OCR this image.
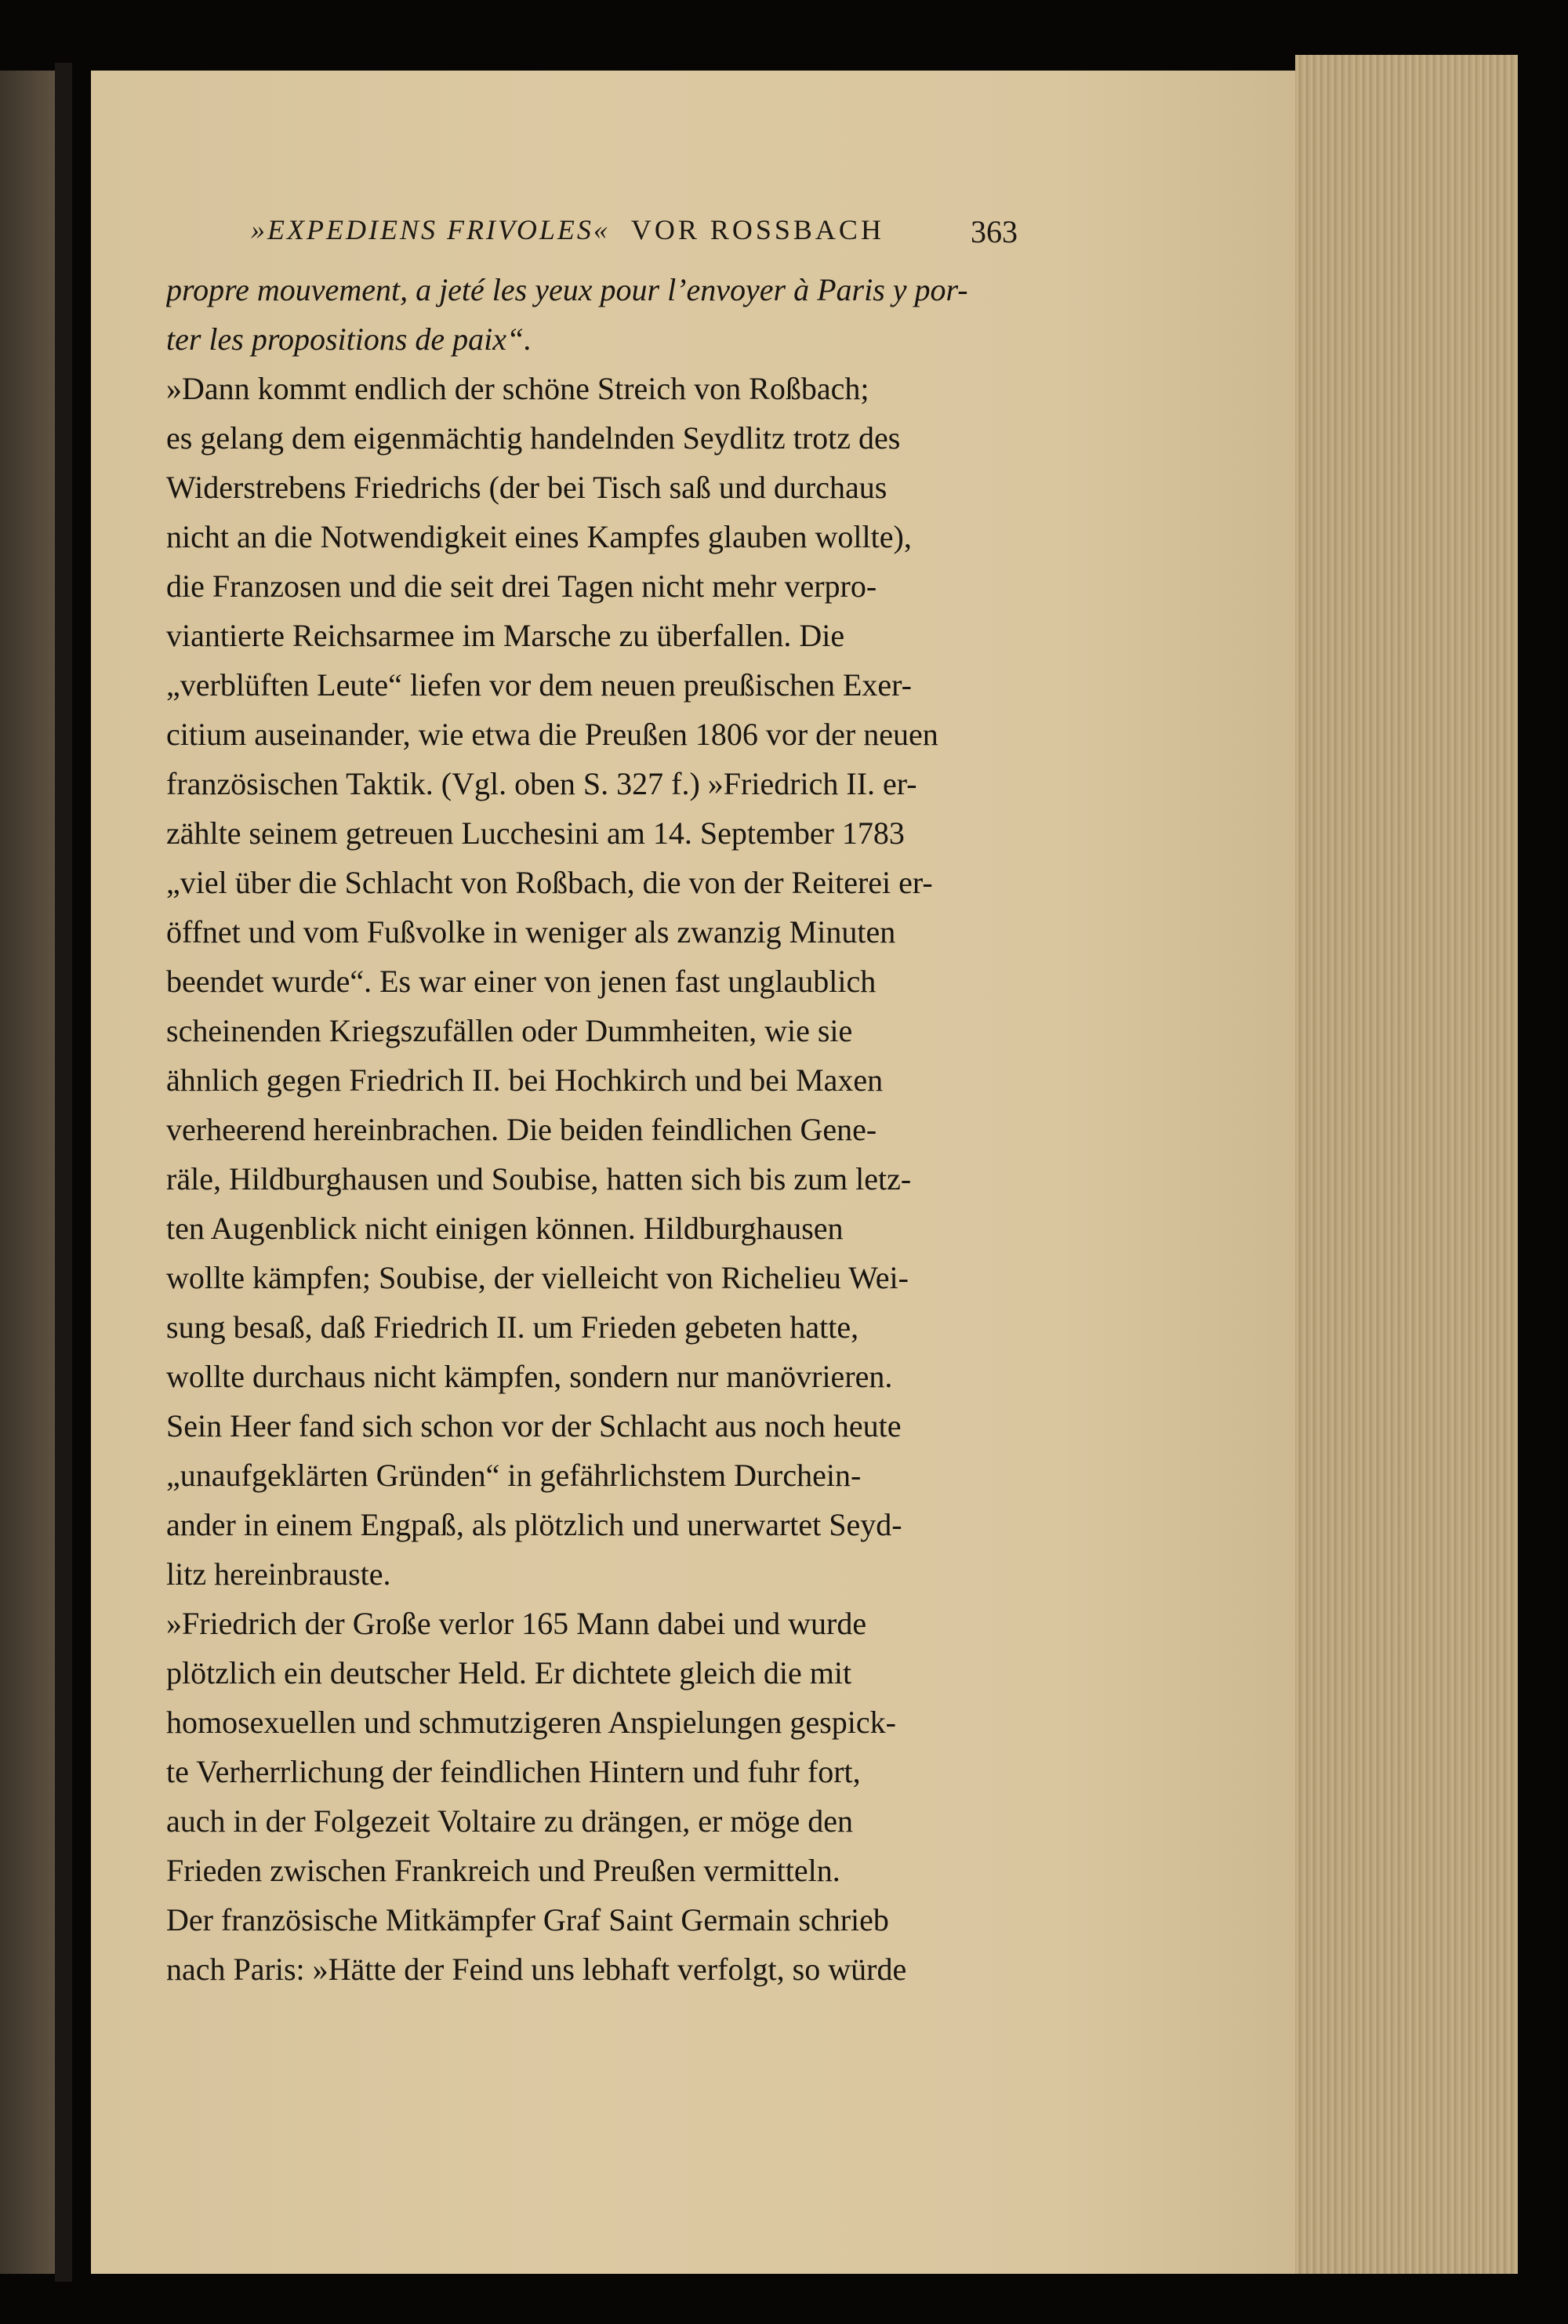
»EXPEDIENS FRIVOLES« VOR ROSSBACH	363
propre mouvement, a jeté les yeux pour l’envoyer à Paris y por-
ter les propositions de paix“.
»Dann kommt endlich der schöne Streich von Roßbach;
es gelang dem eigenmächtig handelnden Seydlitz trotz des
Widerstrebens Friedrichs (der bei Tisch saß und durchaus
nicht an die Notwendigkeit eines Kampfes glauben wollte),
die Franzosen und die seit drei Tagen nicht mehr verpro-
viantierte Reichsarmee im Marsche zu überfallen. Die
„verblüften Leute“ liefen vor dem neuen preußischen Exer-
citium auseinander, wie etwa die Preußen 1806 vor der neuen
französischen Taktik. (Vgl. oben S. 327 f.) »Friedrich II. er-
zählte seinem getreuen Lucchesini am 14. September 1783
„viel über die Schlacht von Roßbach, die von der Reiterei er-
öffnet und vom Fußvolke in weniger als zwanzig Minuten
beendet wurde“. Es war einer von jenen fast unglaublich
scheinenden Kriegszufällen oder Dummheiten, wie sie
ähnlich gegen Friedrich II. bei Hochkirch und bei Maxen
verheerend hereinbrachen. Die beiden feindlichen Gene-
räle, Hildburghausen und Soubise, hatten sich bis zum letz-
ten Augenblick nicht einigen können. Hildburghausen
wollte kämpfen; Soubise, der vielleicht von Richelieu Wei-
sung besaß, daß Friedrich II. um Frieden gebeten hatte,
wollte durchaus nicht kämpfen, sondern nur manövrieren.
Sein Heer fand sich schon vor der Schlacht aus noch heute
„unaufgeklärten Gründen“ in gefährlichstem Durchein-
ander in einem Engpaß, als plötzlich und unerwartet Seyd-
litz hereinbrauste.
»Friedrich der Große verlor 165 Mann dabei und wurde
plötzlich ein deutscher Held. Er dichtete gleich die mit
homosexuellen und schmutzigeren Anspielungen gespick-
te Verherrlichung der feindlichen Hintern und fuhr fort,
auch in der Folgezeit Voltaire zu drängen, er möge den
Frieden zwischen Frankreich und Preußen vermitteln.
Der französische Mitkämpfer Graf Saint Germain schrieb
nach Paris: »Hätte der Feind uns lebhaft verfolgt, so würde
